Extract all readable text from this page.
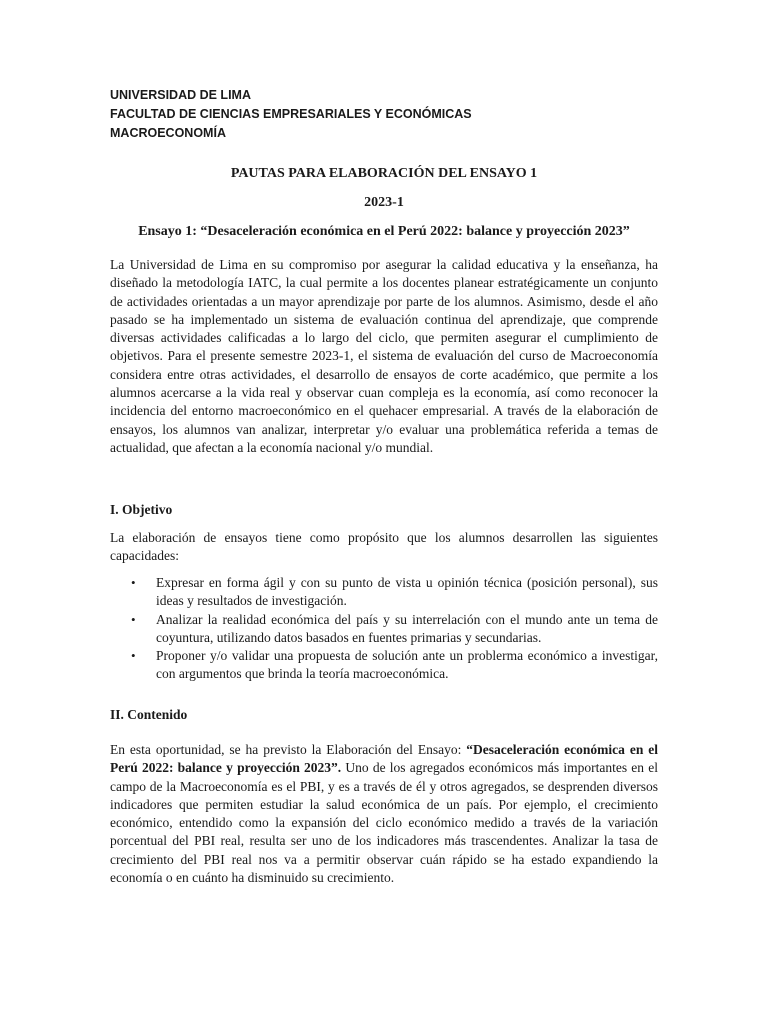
UNIVERSIDAD DE LIMA
FACULTAD DE CIENCIAS EMPRESARIALES Y ECONÓMICAS
MACROECONOMÍA
PAUTAS PARA ELABORACIÓN DEL ENSAYO 1
2023-1
Ensayo 1: “Desaceleración económica en el Perú 2022: balance y proyección 2023”

La Universidad de Lima en su compromiso por asegurar la calidad educativa y la enseñanza, ha diseñado la metodología IATC, la cual permite a los docentes planear estratégicamente un conjunto de actividades orientadas a un mayor aprendizaje por parte de los alumnos. Asimismo, desde el año pasado se ha implementado un sistema de evaluación continua del aprendizaje, que comprende diversas actividades calificadas a lo largo del ciclo, que permiten asegurar el cumplimiento de objetivos. Para el presente semestre 2023-1, el sistema de evaluación del curso de Macroeconomía considera entre otras actividades, el desarrollo de ensayos de corte académico, que permite a los alumnos acercarse a la vida real y observar cuan compleja es la economía, así como reconocer la incidencia del entorno macroeconómico en el quehacer empresarial. A través de la elaboración de ensayos, los alumnos van analizar, interpretar y/o evaluar una problemática referida a temas de actualidad, que afectan a la economía nacional y/o mundial.

I. Objetivo

La elaboración de ensayos tiene como propósito que los alumnos desarrollen las siguientes capacidades:

• Expresar en forma ágil y con su punto de vista u opinión técnica (posición personal), sus ideas y resultados de investigación.
• Analizar la realidad económica del país y su interrelación con el mundo ante un tema de coyuntura, utilizando datos basados en fuentes primarias y secundarias.
• Proponer y/o validar una propuesta de solución ante un problerma económico a investigar, con argumentos que brinda la teoría macroeconómica.
II. Contenido

En esta oportunidad, se ha previsto la Elaboración del Ensayo: “Desaceleración económica en el Perú 2022: balance y proyección 2023”. Uno de los agregados económicos más importantes en el campo de la Macroeconomía es el PBI, y es a través de él y otros agregados, se desprenden diversos indicadores que permiten estudiar la salud económica de un país. Por ejemplo, el crecimiento económico, entendido como la expansión del ciclo económico medido a través de la variación porcentual del PBI real, resulta ser uno de los indicadores más trascendentes. Analizar la tasa de crecimiento del PBI real nos va a permitir observar cuán rápido se ha estado expandiendo la economía o en cuánto ha disminuido su crecimiento.
